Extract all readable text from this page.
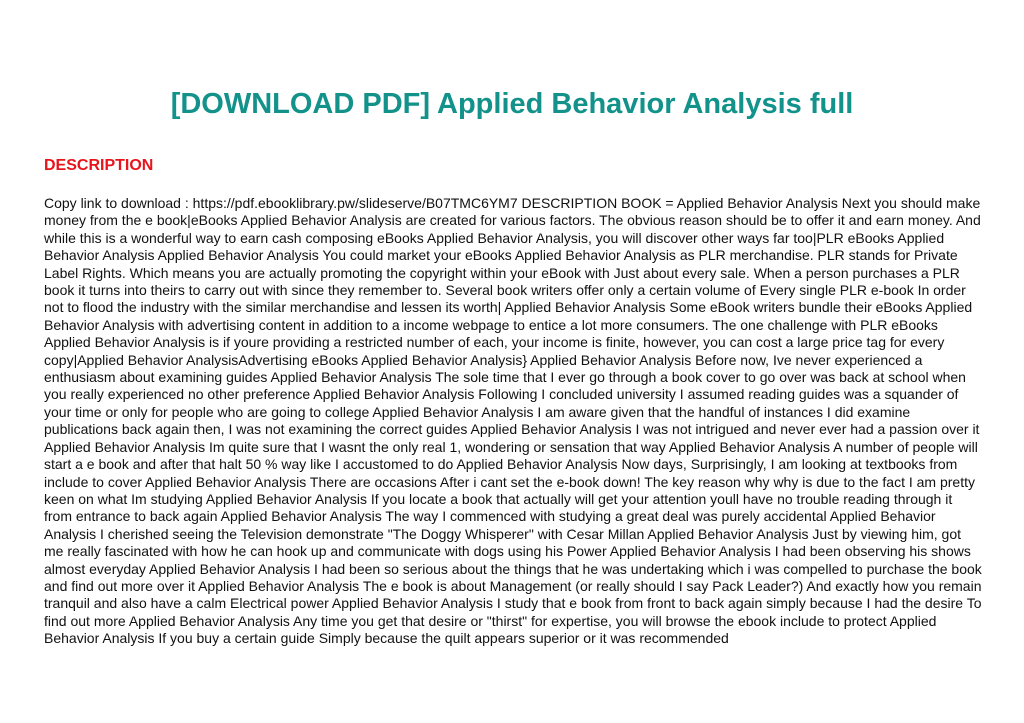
[DOWNLOAD PDF] Applied Behavior Analysis full
DESCRIPTION

Copy link to download : https://pdf.ebooklibrary.pw/slideserve/B07TMC6YM7 DESCRIPTION BOOK = Applied Behavior Analysis Next you should make money from the e book|eBooks Applied Behavior Analysis are created for various factors. The obvious reason should be to offer it and earn money. And while this is a wonderful way to earn cash composing eBooks Applied Behavior Analysis, you will discover other ways far too|PLR eBooks Applied Behavior Analysis Applied Behavior Analysis You could market your eBooks Applied Behavior Analysis as PLR merchandise. PLR stands for Private Label Rights. Which means you are actually promoting the copyright within your eBook with Just about every sale. When a person purchases a PLR book it turns into theirs to carry out with since they remember to. Several book writers offer only a certain volume of Every single PLR e-book In order not to flood the industry with the similar merchandise and lessen its worth| Applied Behavior Analysis Some eBook writers bundle their eBooks Applied Behavior Analysis with advertising content in addition to a income webpage to entice a lot more consumers. The one challenge with PLR eBooks Applied Behavior Analysis is if youre providing a restricted number of each, your income is finite, however, you can cost a large price tag for every copy|Applied Behavior AnalysisAdvertising eBooks Applied Behavior Analysis} Applied Behavior Analysis Before now, Ive never experienced a enthusiasm about examining guides Applied Behavior Analysis The sole time that I ever go through a book cover to go over was back at school when you really experienced no other preference Applied Behavior Analysis Following I concluded university I assumed reading guides was a squander of your time or only for people who are going to college Applied Behavior Analysis I am aware given that the handful of instances I did examine publications back again then, I was not examining the correct guides Applied Behavior Analysis I was not intrigued and never ever had a passion over it Applied Behavior Analysis Im quite sure that I wasnt the only real 1, wondering or sensation that way Applied Behavior Analysis A number of people will start a e book and after that halt 50 % way like I accustomed to do Applied Behavior Analysis Now days, Surprisingly, I am looking at textbooks from include to cover Applied Behavior Analysis There are occasions After i cant set the e-book down! The key reason why why is due to the fact I am pretty keen on what Im studying Applied Behavior Analysis If you locate a book that actually will get your attention youll have no trouble reading through it from entrance to back again Applied Behavior Analysis The way I commenced with studying a great deal was purely accidental Applied Behavior Analysis I cherished seeing the Television demonstrate "The Doggy Whisperer" with Cesar Millan Applied Behavior Analysis Just by viewing him, got me really fascinated with how he can hook up and communicate with dogs using his Power Applied Behavior Analysis I had been observing his shows almost everyday Applied Behavior Analysis I had been so serious about the things that he was undertaking which i was compelled to purchase the book and find out more over it Applied Behavior Analysis The e book is about Management (or really should I say Pack Leader?) And exactly how you remain tranquil and also have a calm Electrical power Applied Behavior Analysis I study that e book from front to back again simply because I had the desire To find out more Applied Behavior Analysis Any time you get that desire or "thirst" for expertise, you will browse the ebook include to protect Applied Behavior Analysis If you buy a certain guide Simply because the quilt appears superior or it was recommended
